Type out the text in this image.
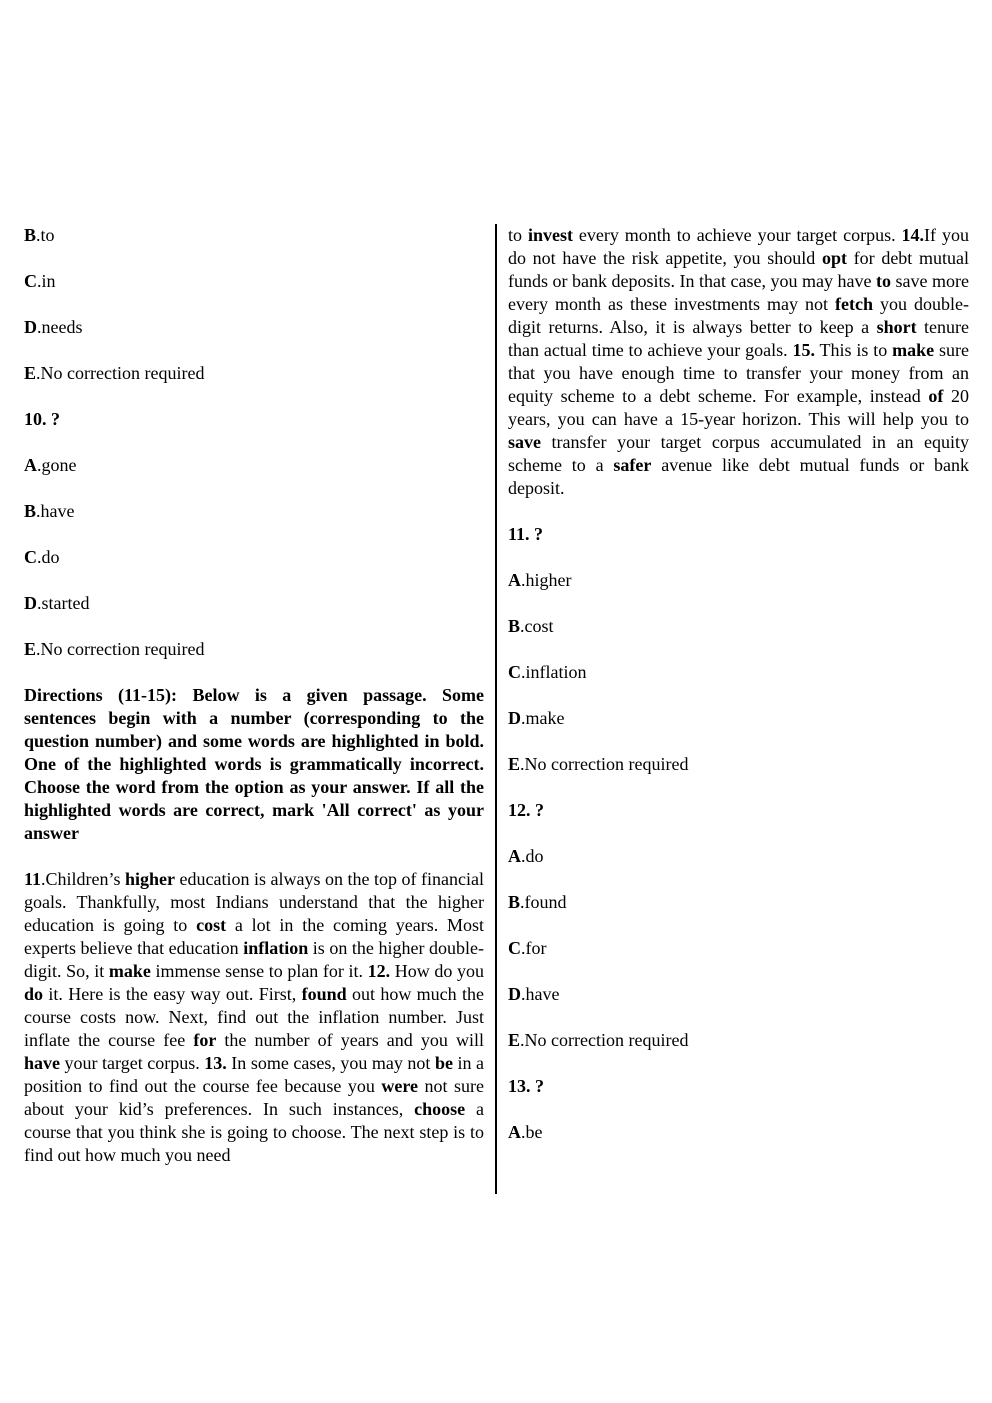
B.to
C.in
D.needs
E.No correction required
10. ?
A.gone
B.have
C.do
D.started
E.No correction required
Directions (11-15): Below is a given passage. Some sentences begin with a number (corresponding to the question number) and some words are highlighted in bold. One of the highlighted words is grammatically incorrect. Choose the word from the option as your answer. If all the highlighted words are correct, mark 'All correct' as your answer
11.Children’s higher education is always on the top of financial goals. Thankfully, most Indians understand that the higher education is going to cost a lot in the coming years. Most experts believe that education inflation is on the higher double-digit. So, it make immense sense to plan for it. 12. How do you do it. Here is the easy way out. First, found out how much the course costs now. Next, find out the inflation number. Just inflate the course fee for the number of years and you will have your target corpus. 13. In some cases, you may not be in a position to find out the course fee because you were not sure about your kid’s preferences. In such instances, choose a course that you think she is going to choose. The next step is to find out how much you need
to invest every month to achieve your target corpus. 14.If you do not have the risk appetite, you should opt for debt mutual funds or bank deposits. In that case, you may have to save more every month as these investments may not fetch you double-digit returns. Also, it is always better to keep a short tenure than actual time to achieve your goals. 15. This is to make sure that you have enough time to transfer your money from an equity scheme to a debt scheme. For example, instead of 20 years, you can have a 15-year horizon. This will help you to save transfer your target corpus accumulated in an equity scheme to a safer avenue like debt mutual funds or bank deposit.
11. ?
A.higher
B.cost
C.inflation
D.make
E.No correction required
12. ?
A.do
B.found
C.for
D.have
E.No correction required
13. ?
A.be
